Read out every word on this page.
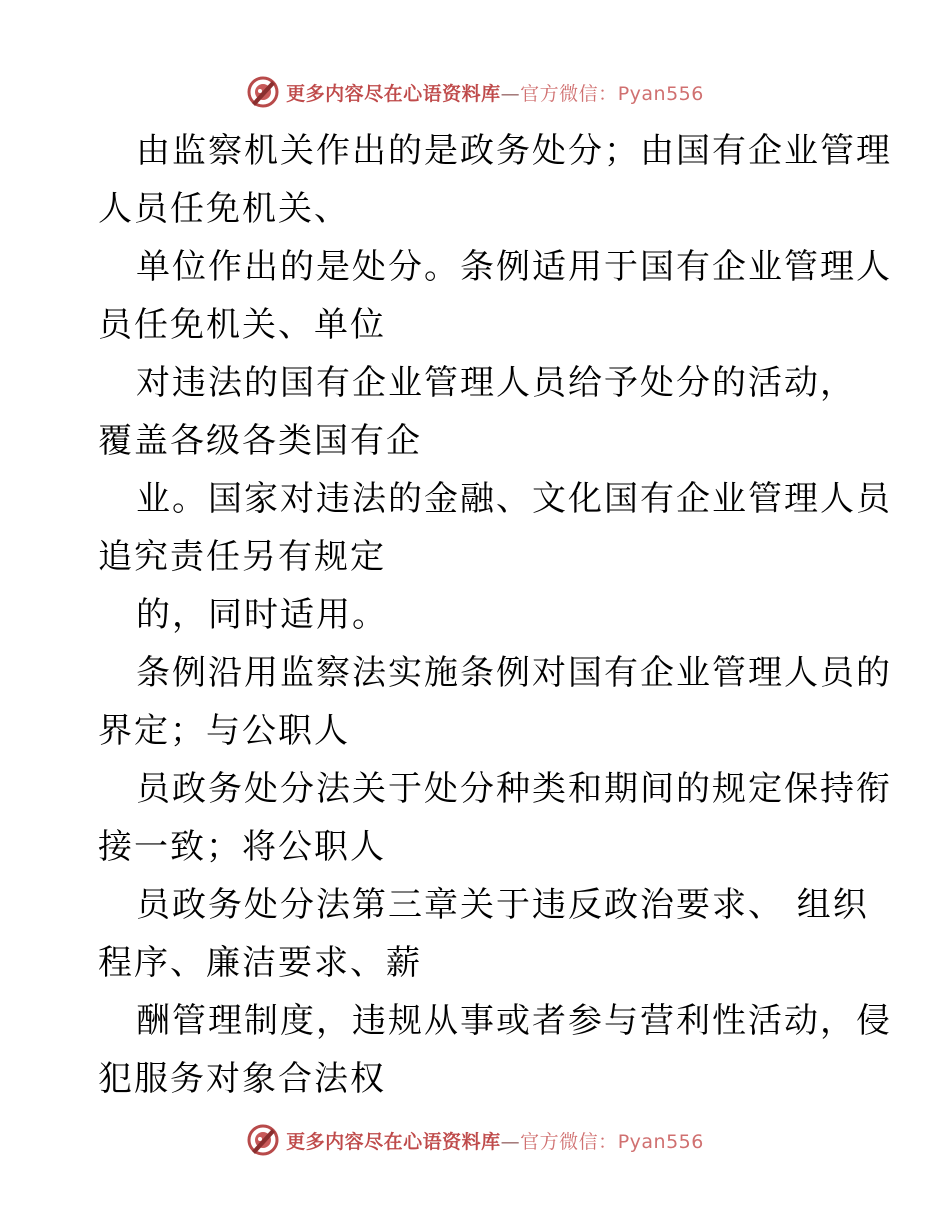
更多内容尽在心语资料库—官方微信：Pyan556
由监察机关作出的是政务处分；由国有企业管理
人员任免机关、
单位作出的是处分。条例适用于国有企业管理人
员任免机关、单位
对违法的国有企业管理人员给予处分的活动，
覆盖各级各类国有企
业。国家对违法的金融、文化国有企业管理人员
追究责任另有规定
的，同时适用。
条例沿用监察法实施条例对国有企业管理人员的
界定；与公职人
员政务处分法关于处分种类和期间的规定保持衔
接一致；将公职人
员政务处分法第三章关于违反政治要求、 组织
程序、廉洁要求、薪
酬管理制度，违规从事或者参与营利性活动，侵
犯服务对象合法权
更多内容尽在心语资料库—官方微信：Pyan556
